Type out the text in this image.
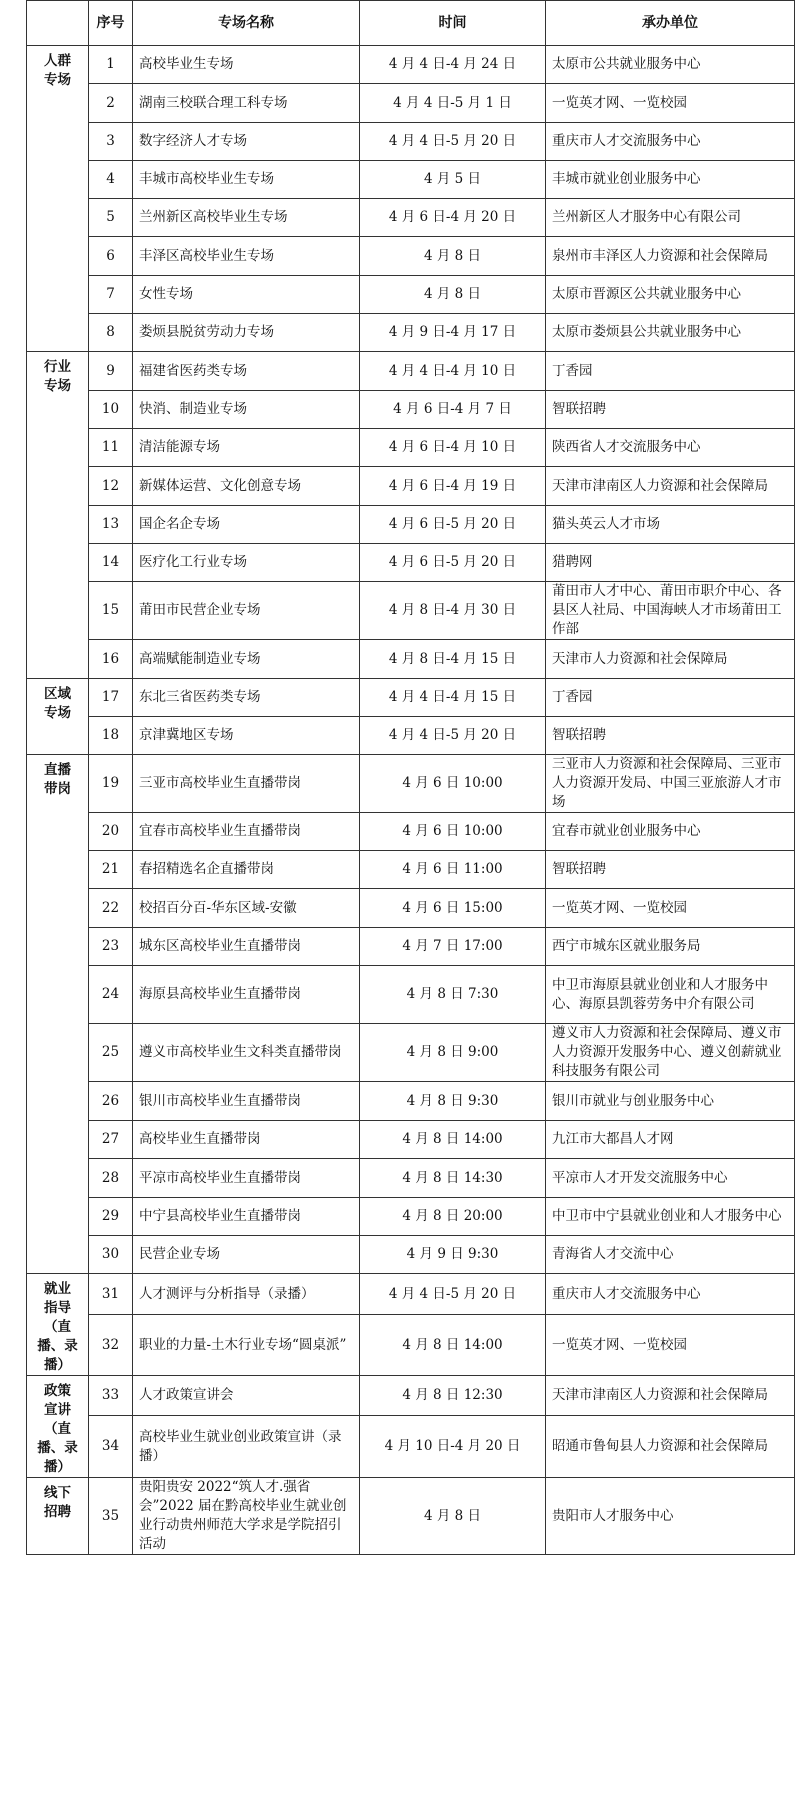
	序号	专场名称	时间	承办单位
人群
专场	1	高校毕业生专场	4 月 4 日-4 月 24 日	太原市公共就业服务中心
	2	湖南三校联合理工科专场	4 月 4 日-5 月 1 日	一览英才网、一览校园
	3	数字经济人才专场	4 月 4 日-5 月 20 日	重庆市人才交流服务中心
	4	丰城市高校毕业生专场	4 月 5 日	丰城市就业创业服务中心
	5	兰州新区高校毕业生专场	4 月 6 日-4 月 20 日	兰州新区人才服务中心有限公司
	6	丰泽区高校毕业生专场	4 月 8 日	泉州市丰泽区人力资源和社会保障局
	7	女性专场	4 月 8 日	太原市晋源区公共就业服务中心
	8	娄烦县脱贫劳动力专场	4 月 9 日-4 月 17 日	太原市娄烦县公共就业服务中心
行业
专场	9	福建省医药类专场	4 月 4 日-4 月 10 日	丁香园
	10	快消、制造业专场	4 月 6 日-4 月 7 日	智联招聘
	11	清洁能源专场	4 月 6 日-4 月 10 日	陕西省人才交流服务中心
	12	新媒体运营、文化创意专场	4 月 6 日-4 月 19 日	天津市津南区人力资源和社会保障局
	13	国企名企专场	4 月 6 日-5 月 20 日	猫头英云人才市场
	14	医疗化工行业专场	4 月 6 日-5 月 20 日	猎聘网
	15	莆田市民营企业专场	4 月 8 日-4 月 30 日	莆田市人才中心、莆田市职介中心、各县区人社局、中国海峡人才市场莆田工作部
	16	高端赋能制造业专场	4 月 8 日-4 月 15 日	天津市人力资源和社会保障局
区域
专场	17	东北三省医药类专场	4 月 4 日-4 月 15 日	丁香园
	18	京津冀地区专场	4 月 4 日-5 月 20 日	智联招聘
直播
带岗	19	三亚市高校毕业生直播带岗	4 月 6 日 10:00	三亚市人力资源和社会保障局、三亚市人力资源开发局、中国三亚旅游人才市场
	20	宜春市高校毕业生直播带岗	4 月 6 日 10:00	宜春市就业创业服务中心
	21	春招精选名企直播带岗	4 月 6 日 11:00	智联招聘
	22	校招百分百-华东区域-安徽	4 月 6 日 15:00	一览英才网、一览校园
	23	城东区高校毕业生直播带岗	4 月 7 日 17:00	西宁市城东区就业服务局
	24	海原县高校毕业生直播带岗	4 月 8 日 7:30	中卫市海原县就业创业和人才服务中心、海原县凯蓉劳务中介有限公司
	25	遵义市高校毕业生文科类直播带岗	4 月 8 日 9:00	遵义市人力资源和社会保障局、遵义市人力资源开发服务中心、遵义创薪就业科技服务有限公司
	26	银川市高校毕业生直播带岗	4 月 8 日 9:30	银川市就业与创业服务中心
	27	高校毕业生直播带岗	4 月 8 日 14:00	九江市大都昌人才网
	28	平凉市高校毕业生直播带岗	4 月 8 日 14:30	平凉市人才开发交流服务中心
	29	中宁县高校毕业生直播带岗	4 月 8 日 20:00	中卫市中宁县就业创业和人才服务中心
	30	民营企业专场	4 月 9 日 9:30	青海省人才交流中心
就业
指导
（直
播、录
播）	31	人才测评与分析指导（录播）	4 月 4 日-5 月 20 日	重庆市人才交流服务中心
	32	职业的力量-土木行业专场“圆桌派”	4 月 8 日 14:00	一览英才网、一览校园
政策
宣讲
（直
播、录
播）	33	人才政策宣讲会	4 月 8 日 12:30	天津市津南区人力资源和社会保障局
	34	高校毕业生就业创业政策宣讲（录播）	4 月 10 日-4 月 20 日	昭通市鲁甸县人力资源和社会保障局
线下
招聘	35	贵阳贵安 2022“筑人才.强省会”2022 届在黔高校毕业生就业创业行动贵州师范大学求是学院招引活动	4 月 8 日	贵阳市人才服务中心
